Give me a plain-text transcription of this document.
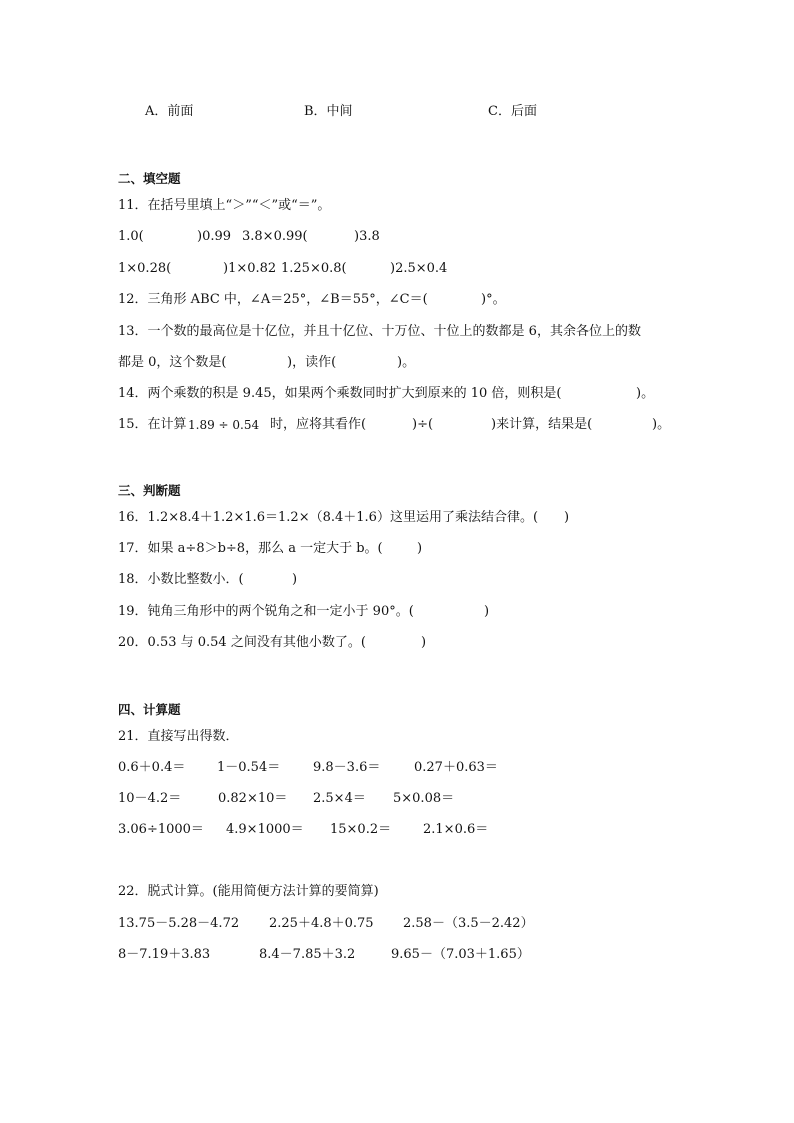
A．前面	B．中间	C．后面
二、填空题
11．在括号里填上“＞”“＜”或“＝”。
1.0(	)0.99 3.8×0.99(	)3.8
1×0.28(	)1×0.82 1.25×0.8(	)2.5×0.4
12．三角形 ABC 中，∠A＝25°，∠B＝55°，∠C＝(	)°。
13．一个数的最高位是十亿位，并且十亿位、十万位、十位上的数都是 6，其余各位上的数
都是 0，这个数是(	)，读作(	)。
14．两个乘数的积是 9.45，如果两个乘数同时扩大到原来的 10 倍，则积是(	)。
15．在计算 1.89 ÷ 0.54 时，应将其看作(	)÷(	)来计算，结果是(	)。
三、判断题
16．1.2×8.4＋1.2×1.6＝1.2×（8.4＋1.6）这里运用了乘法结合律。( )
17．如果 a÷8＞b÷8，那么 a 一定大于 b。(	)
18．小数比整数小．(	)
19．钝角三角形中的两个锐角之和一定小于 90°。(	)
20．0.53 与 0.54 之间没有其他小数了。(	)
四、计算题
21．直接写出得数．
0.6＋0.4＝ 1－0.54＝	9.8－3.6＝	0.27＋0.63＝
10－4.2＝	0.82×10＝ 2.5×4＝ 5×0.08＝
3.06÷1000＝ 4.9×1000＝ 15×0.2＝ 2.1×0.6＝
22．脱式计算。(能用简便方法计算的要简算)
13.75－5.28－4.72 2.25＋4.8＋0.75 2.58－（3.5－2.42）
8－7.19＋3.83	8.4－7.85＋3.2	9.65－（7.03＋1.65）
